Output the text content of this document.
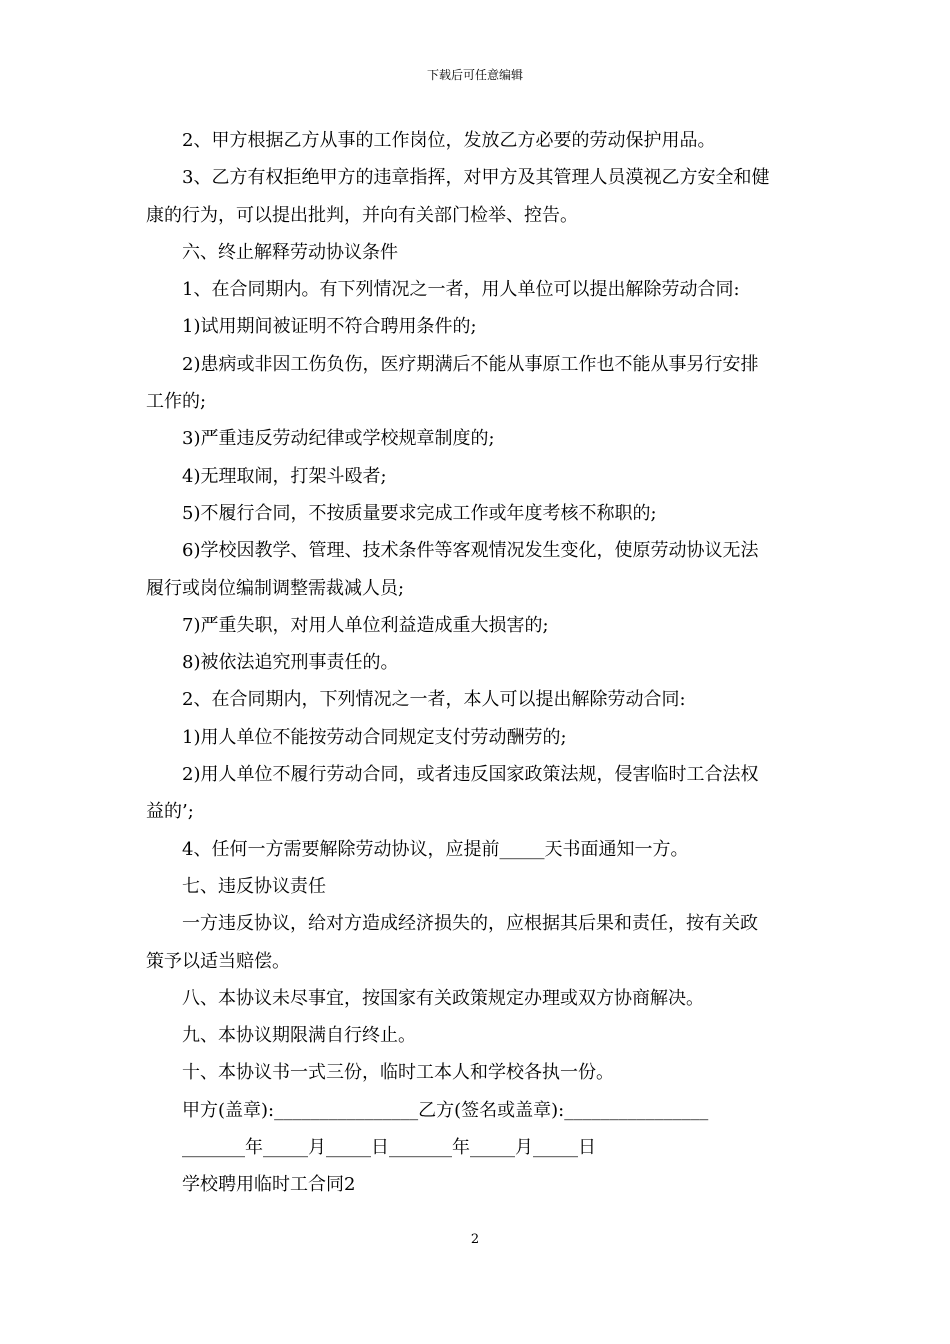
下载后可任意编辑

2、甲方根据乙方从事的工作岗位，发放乙方必要的劳动保护用品。

3、乙方有权拒绝甲方的违章指挥，对甲方及其管理人员漠视乙方安全和健

康的行为，可以提出批判，并向有关部门检举、控告。

六、终止解释劳动协议条件

1、在合同期内。有下列情况之一者，用人单位可以提出解除劳动合同:

1)试用期间被证明不符合聘用条件的;

2)患病或非因工伤负伤，医疗期满后不能从事原工作也不能从事另行安排

工作的;

3)严重违反劳动纪律或学校规章制度的;

4)无理取闹，打架斗殴者;

5)不履行合同，不按质量要求完成工作或年度考核不称职的;

6)学校因教学、管理、技术条件等客观情况发生变化，使原劳动协议无法

履行或岗位编制调整需裁减人员;

7)严重失职，对用人单位利益造成重大损害的;

8)被依法追究刑事责任的。

2、在合同期内，下列情况之一者，本人可以提出解除劳动合同:

1)用人单位不能按劳动合同规定支付劳动酬劳的;

2)用人单位不履行劳动合同，或者违反国家政策法规，侵害临时工合法权

益的’;

4、任何一方需要解除劳动协议，应提前_____天书面通知一方。

七、违反协议责任

一方违反协议，给对方造成经济损失的，应根据其后果和责任，按有关政

策予以适当赔偿。

八、本协议未尽事宜，按国家有关政策规定办理或双方协商解决。

九、本协议期限满自行终止。

十、本协议书一式三份，临时工本人和学校各执一份。

甲方(盖章):________________乙方(签名或盖章):________________

_______年_____月_____日_______年_____月_____日

学校聘用临时工合同2

2
